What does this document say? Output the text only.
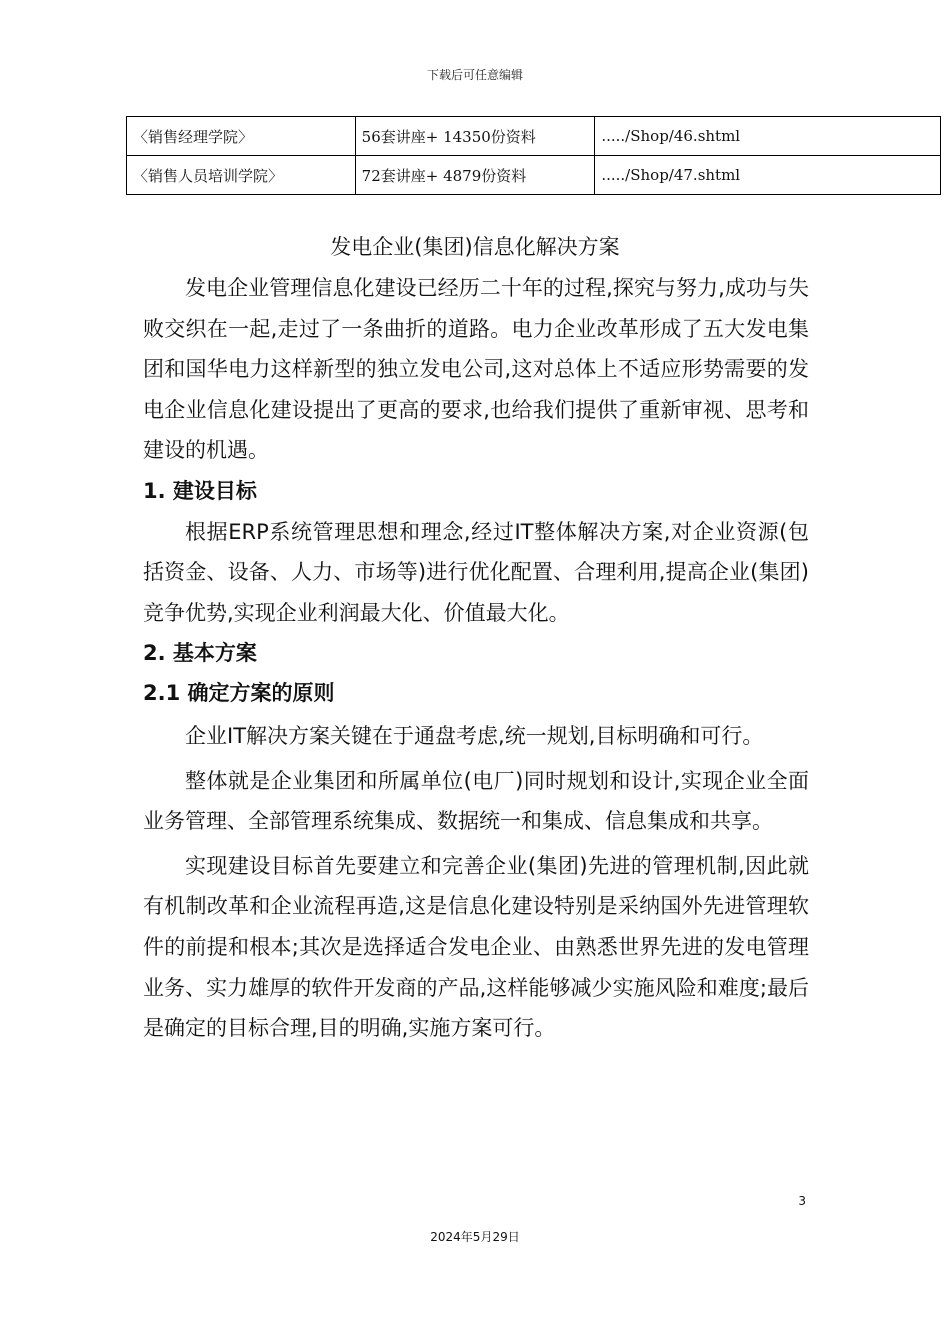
下载后可任意编辑
〈销售经理学院〉	56套讲座+ 14350份资料	...../Shop/46.shtml
〈销售人员培训学院〉	72套讲座+ 4879份资料	...../Shop/47.shtml
发电企业(集团)信息化解决方案

发电企业管理信息化建设已经历二十年的过程,探究与努力,成功与失败交织在一起,走过了一条曲折的道路。电力企业改革形成了五大发电集团和国华电力这样新型的独立发电公司,这对总体上不适应形势需要的发电企业信息化建设提出了更高的要求,也给我们提供了重新审视、思考和建设的机遇。

1. 建设目标

根据ERP系统管理思想和理念,经过IT整体解决方案,对企业资源(包括资金、设备、人力、市场等)进行优化配置、合理利用,提高企业(集团)竞争优势,实现企业利润最大化、价值最大化。

2. 基本方案

2.1 确定方案的原则

企业IT解决方案关键在于通盘考虑,统一规划,目标明确和可行。

整体就是企业集团和所属单位(电厂)同时规划和设计,实现企业全面业务管理、全部管理系统集成、数据统一和集成、信息集成和共享。

实现建设目标首先要建立和完善企业(集团)先进的管理机制,因此就有机制改革和企业流程再造,这是信息化建设特别是采纳国外先进管理软件的前提和根本;其次是选择适合发电企业、由熟悉世界先进的发电管理业务、实力雄厚的软件开发商的产品,这样能够减少实施风险和难度;最后是确定的目标合理,目的明确,实施方案可行。

3
2024年5月29日
